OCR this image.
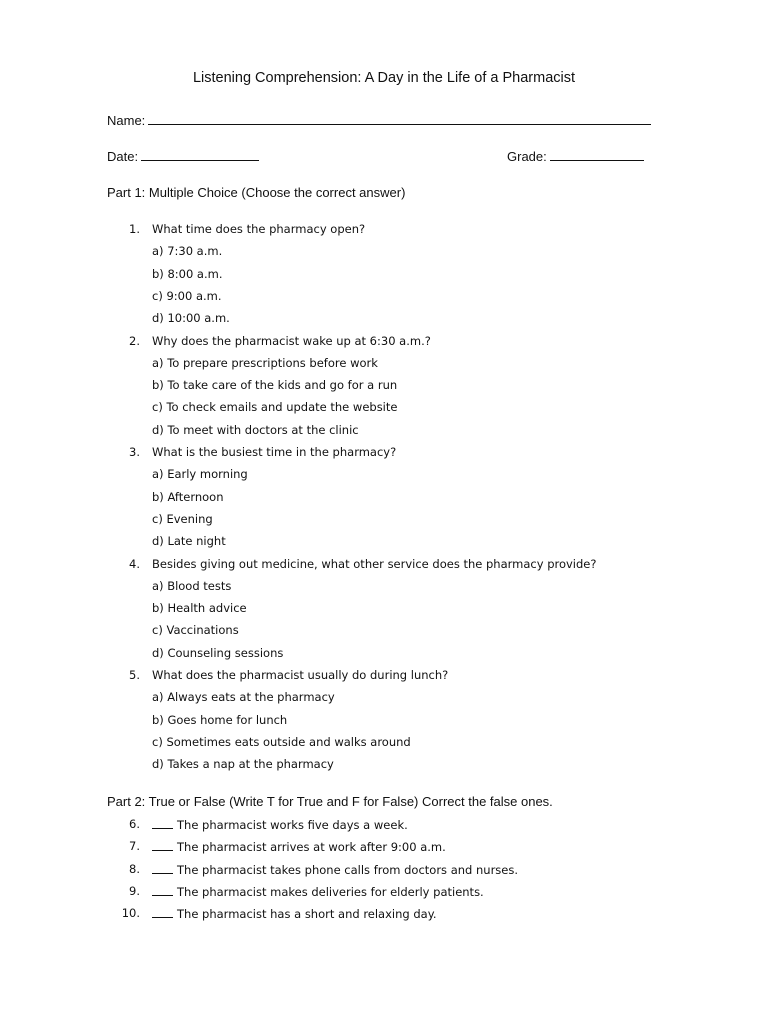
Listening Comprehension: A Day in the Life of a Pharmacist
Name:
Date:	Grade:
Part 1: Multiple Choice (Choose the correct answer)
1. What time does the pharmacy open?
a) 7:30 a.m.
b) 8:00 a.m.
c) 9:00 a.m.
d) 10:00 a.m.
2. Why does the pharmacist wake up at 6:30 a.m.?
a) To prepare prescriptions before work
b) To take care of the kids and go for a run
c) To check emails and update the website
d) To meet with doctors at the clinic
3. What is the busiest time in the pharmacy?
a) Early morning
b) Afternoon
c) Evening
d) Late night
4. Besides giving out medicine, what other service does the pharmacy provide?
a) Blood tests
b) Health advice
c) Vaccinations
d) Counseling sessions
5. What does the pharmacist usually do during lunch?
a) Always eats at the pharmacy
b) Goes home for lunch
c) Sometimes eats outside and walks around
d) Takes a nap at the pharmacy
Part 2: True or False (Write T for True and F for False) Correct the false ones.
6.	The pharmacist works five days a week.
7.	The pharmacist arrives at work after 9:00 a.m.
8.	The pharmacist takes phone calls from doctors and nurses.
9.	The pharmacist makes deliveries for elderly patients.
10.	The pharmacist has a short and relaxing day.
